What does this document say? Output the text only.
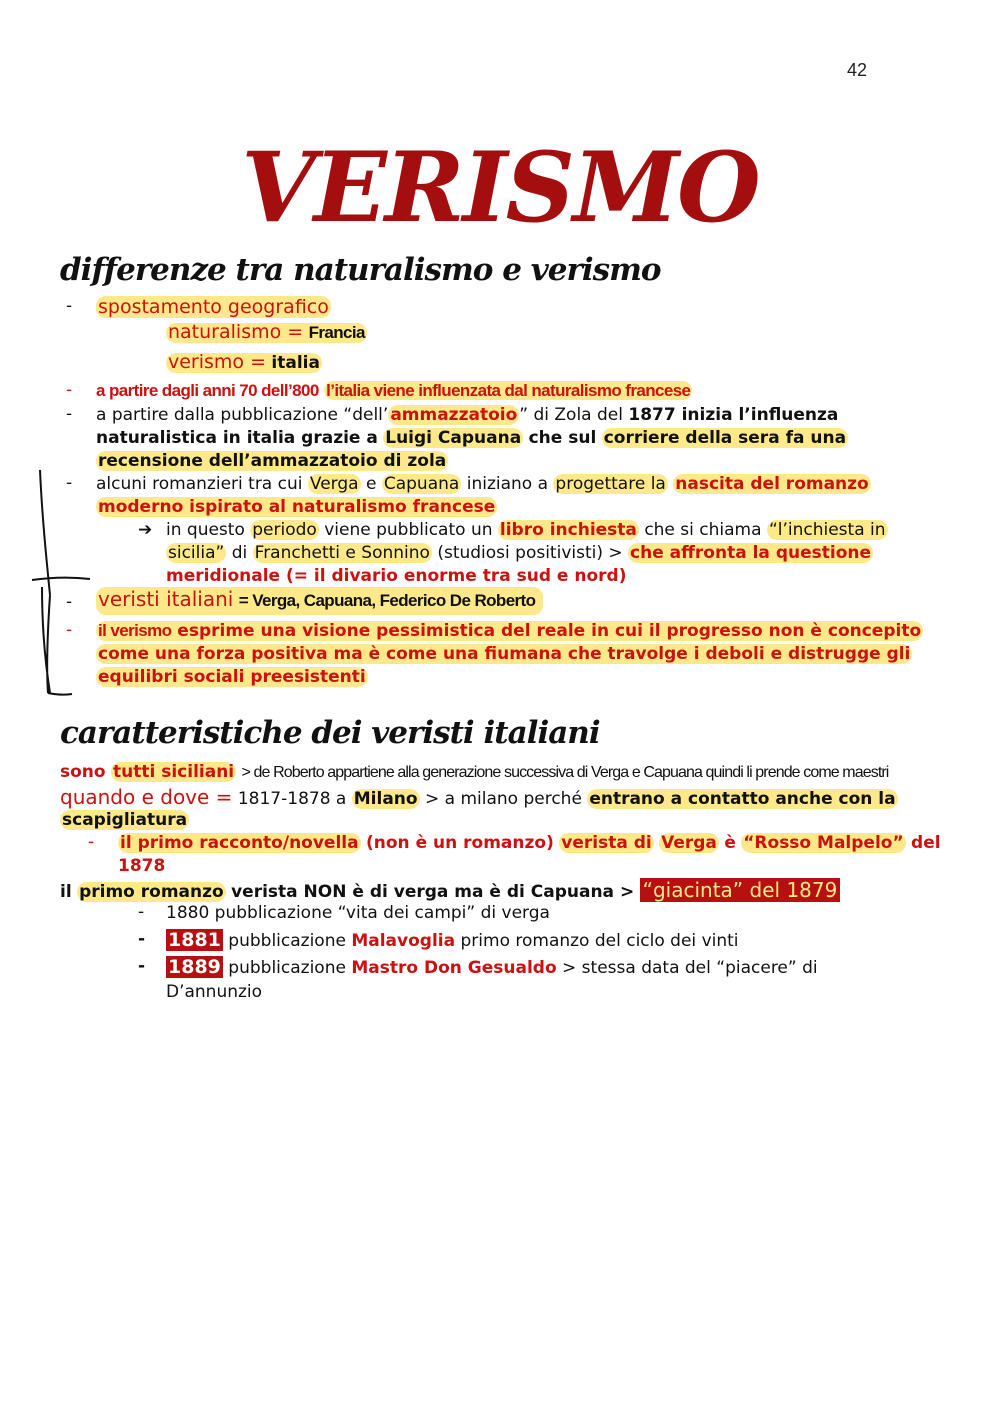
42
VERISMO
differenze tra naturalismo e verismo
- spostamento geografico
naturalismo = Francia
verismo = italia
- a partire dagli anni 70 dell’800 l’italia viene influenzata dal naturalismo francese
- a partire dalla pubblicazione “dell’ ammazzatoio ” di Zola del 1877 inizia l’influenza
naturalistica in italia grazie a Luigi Capuana che sul corriere della sera fa una
recensione dell’ammazzatoio di zola
- alcuni romanzieri tra cui Verga e Capuana iniziano a progettare la nascita del romanzo
moderno ispirato al naturalismo francese
➔ in questo periodo viene pubblicato un libro inchiesta che si chiama “l’inchiesta in
sicilia” di Franchetti e Sonnino (studiosi positivisti) > che affronta la questione
meridionale (= il divario enorme tra sud e nord)
- veristi italiani = Verga, Capuana, Federico De Roberto
- il verismo esprime una visione pessimistica del reale in cui il progresso non è concepito
come una forza positiva ma è come una fiumana che travolge i deboli e distrugge gli
equilibri sociali preesistenti
caratteristiche dei veristi italiani
sono tutti siciliani > de Roberto appartiene alla generazione successiva di Verga e Capuana quindi li prende come maestri
quando e dove = 1817-1878 a Milano > a milano perché entrano a contatto anche con la
scapigliatura
- il primo racconto/novella (non è un romanzo) verista di Verga è “Rosso Malpelo” del
1878
il primo romanzo verista NON è di verga ma è di Capuana > “giacinta” del 1879
- 1880 pubblicazione “vita dei campi” di verga
- 1881 pubblicazione Malavoglia primo romanzo del ciclo dei vinti
- 1889 pubblicazione Mastro Don Gesualdo > stessa data del “piacere” di
D’annunzio
